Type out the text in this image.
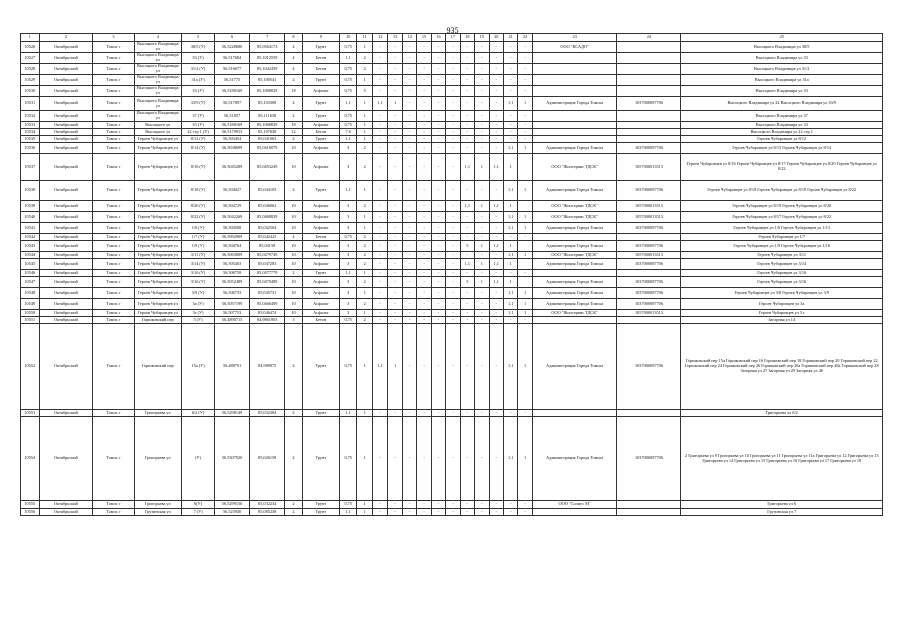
935
1	2	3	4	5	6	7	8	9	10	11	12	13	14	15	16	17	18	19	20	21	22	23	24	25
10526	Октябрьский	Томск г	Высоцкого Владимира ул	38/5 (У)	56,5228680	85,0564173	2	Грунт	0,75	1	-	-	-	-	-	-	-	-	-	-	-	ООО "КСАДО"		Высоцкого Владимира ул 38/5
10527	Октябрьский	Томск г	Высоцкого Владимира ул	33 (У)	56,517684	85,1012559	4	Бетон	1,1	2	-	-	-	-	-	-	-	-	-	-	-			Высоцкого Владимира ул 33
10528	Октябрьский	Томск г	Высоцкого Владимира ул	31/2 (У)	56,516677	85,1042439	4	Бетон	0,75	2	-	-	-	-	-	-	-	-	-	-	-			Высоцкого Владимира ул 31/2
10529	Октябрьский	Томск г	Высоцкого Владимира ул	31а (У)	56,51775	85,100541	2	Грунт	0,75	1	-	-	-	-	-	-	-	-	-	-	-			Высоцкого Владимира ул 31а
10530	Октябрьский	Томск г	Высоцкого Владимира ул	33 (У)	56,5180169	85,1068829	18	Асфальт	0,75	5	-	-	-	-	-	-	-	-	-	-	-			Высоцкого Владимира ул 33
10531	Октябрьский	Томск г	Высоцкого Владимира ул	33/9 (У)	56,517897	85,103308	2	Грунт	1,1	1	1,1	1	-	-	-	-	-	-	-	1,1	1	Администрация Города Томска	1037000087706	Высоцкого Владимира ул 22 Высоцкого Владимира ул 33/9
10532	Октябрьский	Томск г	Высоцкого Владимира ул	37 (У)	56,51857	85,111638	2	Грунт	0,75	1	-	-	-	-	-	-	-	-	-	-	-			Высоцкого Владимира ул 37
10533	Октябрьский	Томск г	Высоцкого ул	33 (У)	56,5180169	85,1068829	18	Асфальт	0,75	1	-	-	-	-	-	-	-	-	-	-	-			Высоцкого Владимира ул 33
10534	Октябрьский	Томск г	Высоцкого ул	22 стр 1 (У)	56,5179913	85,107638	12	Бетон	7,6	1	-	-	-	-	-	-	-	-	-	-	-			Высоцкого Владимира ул 22 стр 1
10535	Октябрьский	Томск г	Героев Чубаровцев ул	8/12 (У)	56,503454	85,041063	2	Грунт	1,1	1	-	-	-	-	-	-	-	-	-	-	-			Героев Чубаровцев ул 8/12
10536	Октябрьский	Томск г	Героев Чубаровцев ул	8/14 (У)	56,5038699	85,0418079	10	Асфальт	3	2	-	-	-	-	-	-	-	-	-	1,1	1	Администрация Города Томска	1037000087706	Героев Чубаровцев ул 8/13 Героев Чубаровцев ул 8/14
10537	Октябрьский	Томск г	Героев Чубаровцев ул	8/16 (У)	56,5045289	85,0453249	10	Асфальт	3	2	-	-	-	-	-	-	1,1	1	1,1	1		ООО "Жилсервис ТДСК"	1057000013513	Героев Чубаровцев ул 8/16 Героев Чубаровцев ул 8/17 Героев Чубаровцев ул 8/20 Героев Чубаровцев ул 8/22
10538	Октябрьский	Томск г	Героев Чубаровцев ул	8/18 (У)	56,504027	85,044103	2	Грунт	1,1	1	-	-	-	-	-	-	-	-	-	1,1	1	Администрация Города Томска	1037000087706	Героев Чубаровцев ул 8/18 Героев Чубаровцев ул 8/19 Героев Чубаровцев ул 8/22
10539	Октябрьский	Томск г	Героев Чубаровцев ул	8/20 (У)	56,504729	85,046062	10	Асфальт	3	2	-	-	-	-	-	-	1,1	1	1,1	1		ООО "Жилсервис ТДСК"	1057000013513	Героев Чубаровцев ул 8/19 Героев Чубаровцев ул 8/20
10540	Октябрьский	Томск г	Героев Чубаровцев ул	8/22 (У)	56,5042269	85,0468829	10	Асфальт	3	1	-	-	-	-	-	-	-	-	-	1,1	1	ООО "Жилсервис ТДСК"	1057000013513	Героев Чубаровцев ул 8/17 Героев Чубаровцев ул 8/22
10541	Октябрьский	Томск г	Героев Чубаровцев ул	1/6 (У)	56,504508	85,042504	10	Асфальт	3	1	-	-	-	-	-	-	-	-	-	1,1	1	Администрация Города Томска	1037000087706	Героев Чубаровцев ул 1/6 Героев Чубаровцев ул 1/13
10542	Октябрьский	Томск г	Героев Чубаровцев ул	1/7 (У)	56,5092909	85,042423	4	Бетон	0,75	2	-	-	-	-	-	-	-	-	-	-	-			Героев Чубаровцев ул 1/7
10543	Октябрьский	Томск г	Героев Чубаровцев ул	1/9 (У)	56,504764	85,04158	10	Асфальт	3	2	-	-	-	-	-	-	5	1	1,1	1		Администрация Города Томска	1037000087706	Героев Чубаровцев ул 1/9 Героев Чубаровцев ул 1/16
10544	Октябрьский	Томск г	Героев Чубаровцев ул	3/11 (У)	56,5063809	85,0479749	10	Асфальт	3	2	-	-	-	-	-	-	-	-	-	1,1	1	ООО "Жилсервис ТДСК"	1057000013513	Героев Чубаровцев ул 3/11
10545	Октябрьский	Томск г	Героев Чубаровцев ул	3/14 (У)	56,505403	85,047283	10	Асфальт	3	2	-	-	-	-	-	-	1,1	1	1,1	1		Администрация Города Томска	1037000087706	Героев Чубаровцев ул 3/14
10546	Октябрьский	Томск г	Героев Чубаровцев ул	3/16 (У)	56,506758	85,0477779	2	Грунт	1,1	1	-	-	-	-	-	-	-	-	-	-	-			Героев Чубаровцев ул 3/16
10547	Октябрьский	Томск г	Героев Чубаровцев ул	3/16 (У)	56,5052489	85,0479489	10	Асфальт	3	2	-	-	-	-	-	-	5	1	1,1	1		Администрация Города Томска	1037000087706	Героев Чубаровцев ул 3/16
10548	Октябрьский	Томск г	Героев Чубаровцев ул	3/9 (У)	56,506733	85,045731	10	Асфальт	3	1	-	-	-	-	-	-	-	-	-	1,1	1	Администрация Города Томска	1037000087706	Героев Чубаровцев ул 3/8 Героев Чубаровцев ул 3/9
10549	Октябрьский	Томск г	Героев Чубаровцев ул	3а (У)	56,5057199	85,0466409	10	Асфальт	3	2	-	-	-	-	-	-	-	-	-	1,1	1	Администрация Города Томска	1037000087706	Героев Чубаровцев ул 3а
10550	Октябрьский	Томск г	Героев Чубаровцев ул	3г (У)	56,507753	85,046474	10	Асфальт	3	1	-	-	-	-	-	-	-	-	-	1,1	1	ООО "Жилсервис ТДСК"	1057000013513	Героев Чубаровцев ул 3 г
10551	Октябрьский	Томск г	Горшковский пер	5 (У)	56,4890715	84,9861903	3	Бетон	0,75	2	-	-	-	-	-	-	-	-	-	-	-			Загорная ул 14
10552	Октябрьский	Томск г	Горшковский пер	15а (У)	56,488791	84,989875	2	Грунт	0,75	1	1,1	1	-	-	-	-	-	-	-	1,1	1	Администрация Города Томска	1037000087706	Горшковский пер 15а Горшковский пер 16 Горшковский пер 18 Горшковский пер 20 Горшковский пер 22 Горшковский пер 24 Горшковский пер 26 Горшковский пер 26а Горшковский пер 28а Горшковский пер 28 Загорная ул 27 Загорная ул 29 Загорная ул 46
10553	Октябрьский	Томск г	Григорьева ул	6/2 (У)	56,5298149	85,032384	2	Грунт	1,1	1	-	-	-	-	-	-	-	-	-	-	-			Григорьева ул 6/2
10554	Октябрьский	Томск г	Григорьева ул	(У)	56,5307920	85,026158	2	Грунт	0,75	1	-	-	-	-	-	-	-	-	-	1,1	1	Администрация Города Томска	1037000087706	2 Григорьева ул 9 Григорьева ул 10 Григорьева ул 11 Григорьева ул 11а Григорьева ул 12 Григорьева ул 13 Григорьева ул 14 Григорьева ул 15 Григорьева ул 16 Григорьева ул 17 Григорьева ул 18
10555	Октябрьский	Томск г	Григорьева ул	6(У)	56,5299150	85,032234	2	Грунт	0,75	1	-	-	-	-	-	-	-	-	-	-	-	ООО "Солиус М"		Григорьева ул 6
10556	Октябрьский	Томск г	Грузинская ул	7 (У)	56,523940	85,085238	2	Грунт	1,1	1	-	-	-	-	-	-	-	-	-	-	-			Грузинская ул 7
